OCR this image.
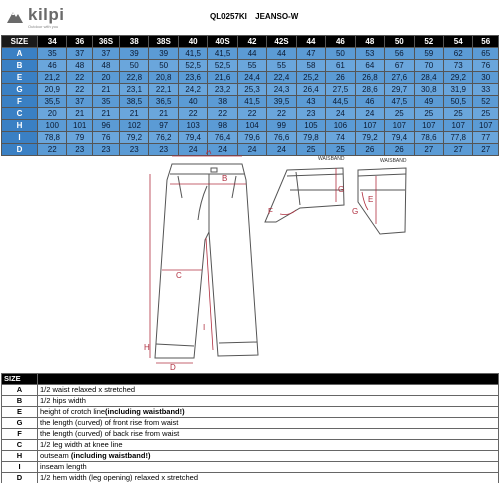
kilpi
Outdoor with you
QL0257KI JEANSO-W
SIZE	34	36	36S	38	38S	40	40S	42	42S	44	46	48	50	52	54	56
A	35	37	37	39	39	41,5	41,5	44	44	47	50	53	56	59	62	65
B	46	48	48	50	50	52,5	52,5	55	55	58	61	64	67	70	73	76
E	21,2	22	20	22,8	20,8	23,6	21,6	24,4	22,4	25,2	26	26,8	27,6	28,4	29,2	30
G	20,9	22	21	23,1	22,1	24,2	23,2	25,3	24,3	26,4	27,5	28,6	29,7	30,8	31,9	33
F	35,5	37	35	38,5	36,5	40	38	41,5	39,5	43	44,5	46	47,5	49	50,5	52
C	20	21	21	21	21	22	22	22	22	23	24	24	25	25	25	25
H	100	101	96	102	97	103	98	104	99	105	106	107	107	107	107	107
I	78,8	79	76	79,2	76,2	79,4	76,4	79,6	76,6	79,8	74	79,2	79,4	78,6	77,8	77
D	22	23	23	23	23	24	24	24	24	25	25	26	26	27	27	27
A
B
C
D
H
I
WAISBAND
G
F
WAISBAND
E
G
SIZE	
A	1/2 waist relaxed x stretched
B	1/2 hips width
E	height of crotch line(including waistband!)
G	the length (curved) of front rise from waist
F	the length (curved) of back rise from waist
C	1/2 leg width at knee line
H	outseam (including waistband!)
I	inseam length
D	1/2 hem width (leg opening) relaxed x stretched
